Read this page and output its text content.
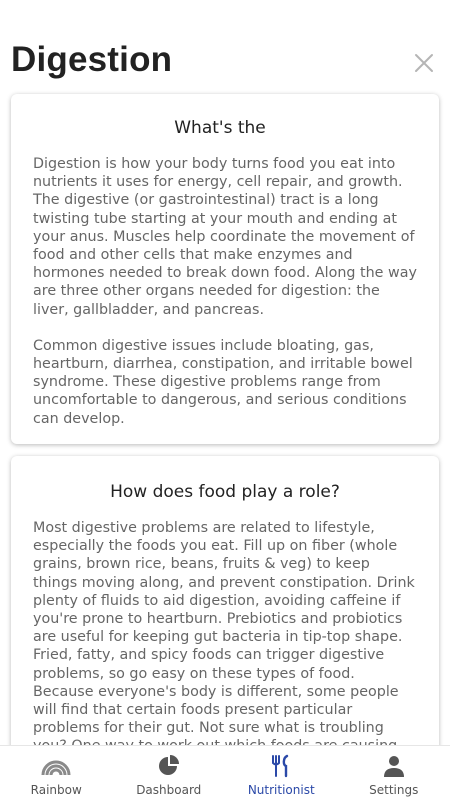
Digestion
What's the

Digestion is how your body turns food you eat into nutrients it uses for energy, cell repair, and growth. The digestive (or gastrointestinal) tract is a long twisting tube starting at your mouth and ending at your anus. Muscles help coordinate the movement of food and other cells that make enzymes and hormones needed to break down food. Along the way are three other organs needed for digestion: the liver, gallbladder, and pancreas.

Common digestive issues include bloating, gas, heartburn, diarrhea, constipation, and irritable bowel syndrome. These digestive problems range from uncomfortable to dangerous, and serious conditions can develop.

How does food play a role?

Most digestive problems are related to lifestyle, especially the foods you eat. Fill up on fiber (whole grains, brown rice, beans, fruits & veg) to keep things moving along, and prevent constipation. Drink plenty of fluids to aid digestion, avoiding caffeine if you're prone to heartburn. Prebiotics and probiotics are useful for keeping gut bacteria in tip-top shape. Fried, fatty, and spicy foods can trigger digestive problems, so go easy on these types of food. Because everyone's body is different, some people will find that certain foods present particular problems for their gut. Not sure what is troubling

Rainbow	Dashboard	Nutritionist	Settings
